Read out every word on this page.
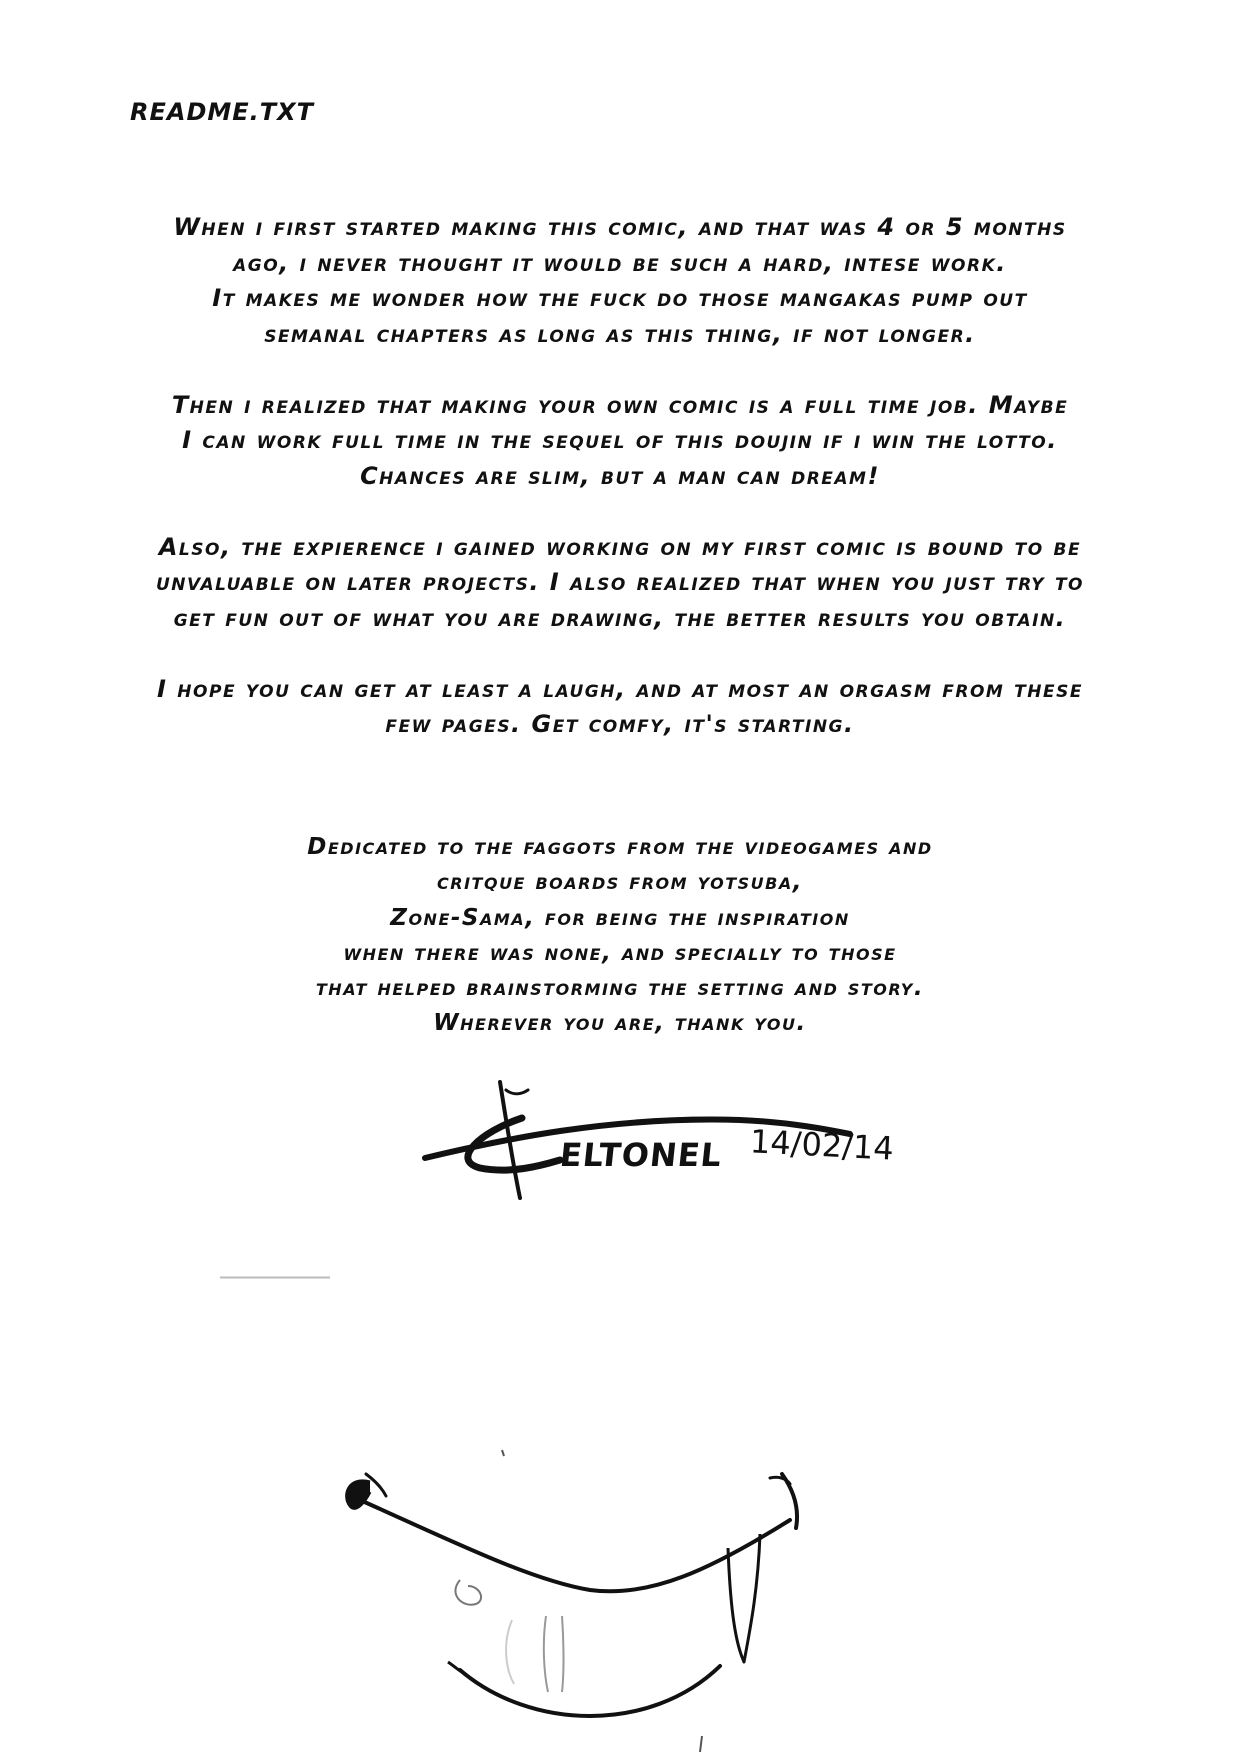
README.TXT

When i first started making this comic, and that was 4 or 5 months
ago, i never thought it would be such a hard, intese work.
It makes me wonder how the fuck do those mangakas pump out
semanal chapters as long as this thing, if not longer.

Then i realized that making your own comic is a full time job. Maybe
I can work full time in the sequel of this doujin if i win the lotto.
Chances are slim, but a man can dream!

Also, the expierence i gained working on my first comic is bound to be
unvaluable on later projects. I also realized that when you just try to
get fun out of what you are drawing, the better results you obtain.

I hope you can get at least a laugh, and at most an orgasm from these
few pages. Get comfy, it's starting.

Dedicated to the faggots from the videogames and
critque boards from yotsuba,
Zone-Sama, for being the inspiration
when there was none, and specially to those
that helped brainstorming the setting and story.
Wherever you are, thank you.
ELTONEL 14/02/14
